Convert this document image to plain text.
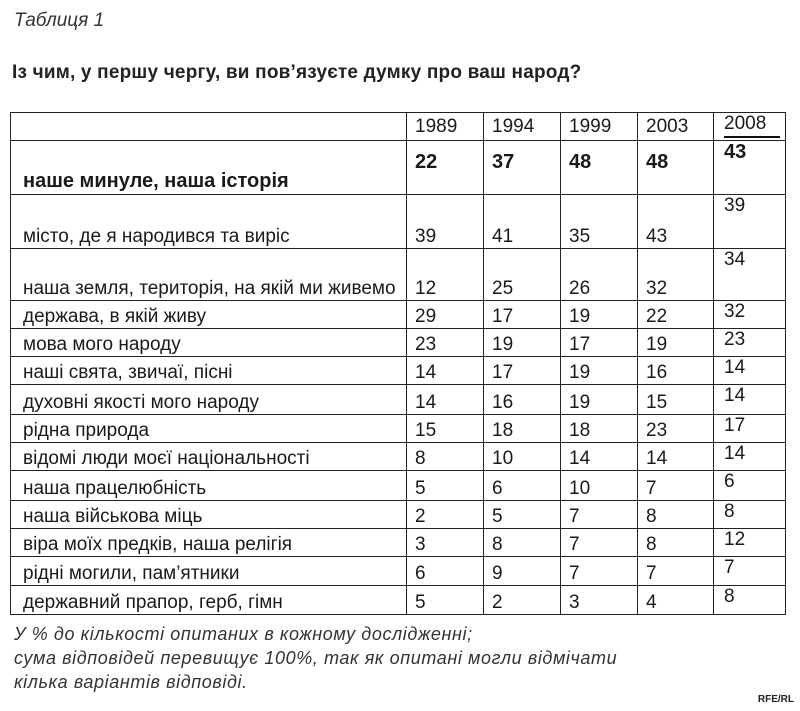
Таблиця 1
Із чим, у першу чергу, ви пов’язуєте думку про ваш народ?
	1989	1994	1999	2003	2008
наше минуле, наша історія	22	37	48	48	43
місто, де я народився та виріс	39	41	35	43	39
наша земля, територія, на якій ми живемо	12	25	26	32	34
держава, в якій живу	29	17	19	22	32
мова мого народу	23	19	17	19	23
наші свята, звичаї, пісні	14	17	19	16	14
духовні якості мого народу	14	16	19	15	14
рідна природа	15	18	18	23	17
відомі люди моєї національності	8	10	14	14	14
наша працелюбність	5	6	10	7	6
наша військова міць	2	5	7	8	8
віра моїх предків, наша релігія	3	8	7	8	12
рідні могили, пам’ятники	6	9	7	7	7
державний прапор, герб, гімн	5	2	3	4	8
У % до кількості опитаних в кожному дослідженні;
сума відповідей перевищує 100%, так як опитані могли відмічати
кілька варіантів відповіді.
RFE/RL
